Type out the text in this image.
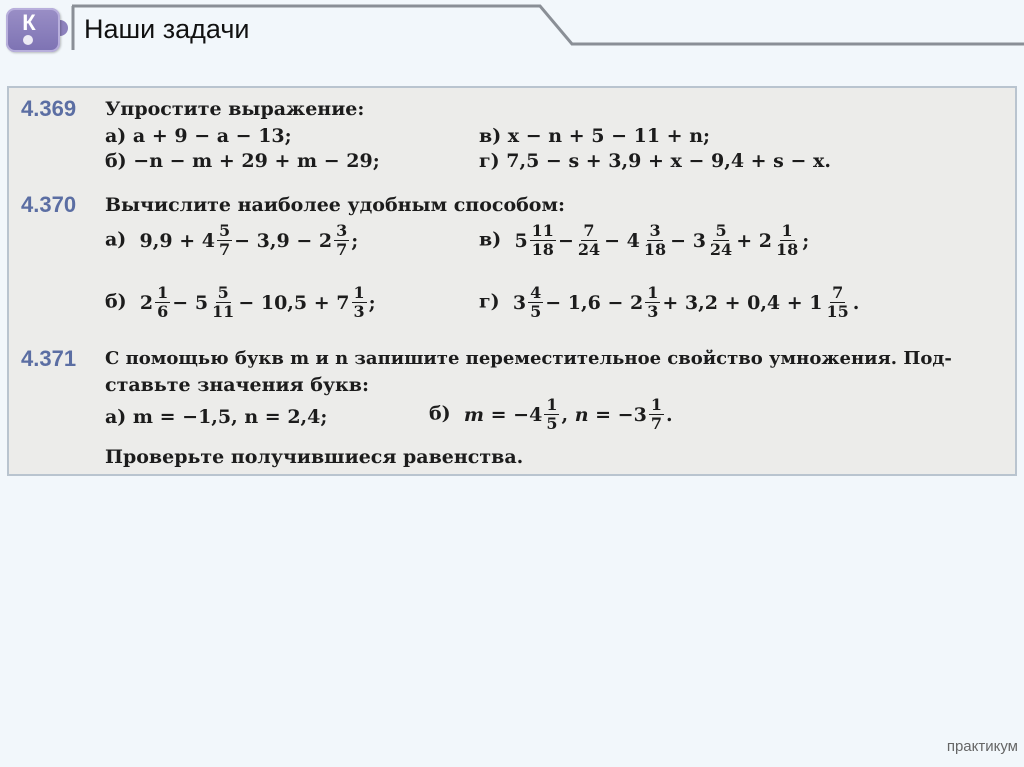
К	Наши задачи
4.369 Упростите выражение:
а) a + 9 − a − 13;
б) −n − m + 29 + m − 29;
в) x − n + 5 − 11 + n;
г) 7,5 − s + 3,9 + x − 9,4 + s − x.
4.370 Вычислите наиболее удобным способом:
а)  $9,9 + 4 \frac{5}{7} - 3,9 - 2 \frac{3}{7}$ ;	в)  $5 \frac{11}{18} - \frac{7}{24} - 4 \frac{3}{18} - 3 \frac{5}{24} + 2 \frac{1}{18}$ ;
б)  $2 \frac{1}{6} - 5 \frac{5}{11} - 10,5 + 7 \frac{1}{3}$ ;	г)  $3 \frac{4}{5} - 1,6 - 2 \frac{1}{3} + 3,2 + 0,4 + 1 \frac{7}{15}$ .
4.371 С помощью букв m и n запишите переместительное свойство умножения. Под-
ставьте значения букв:
а) m = −1,5, n = 2,4;	б) $m = -4 \frac{1}{5}$ , $n = -3 \frac{1}{7}$ .
Проверьте получившиеся равенства.
практикум
